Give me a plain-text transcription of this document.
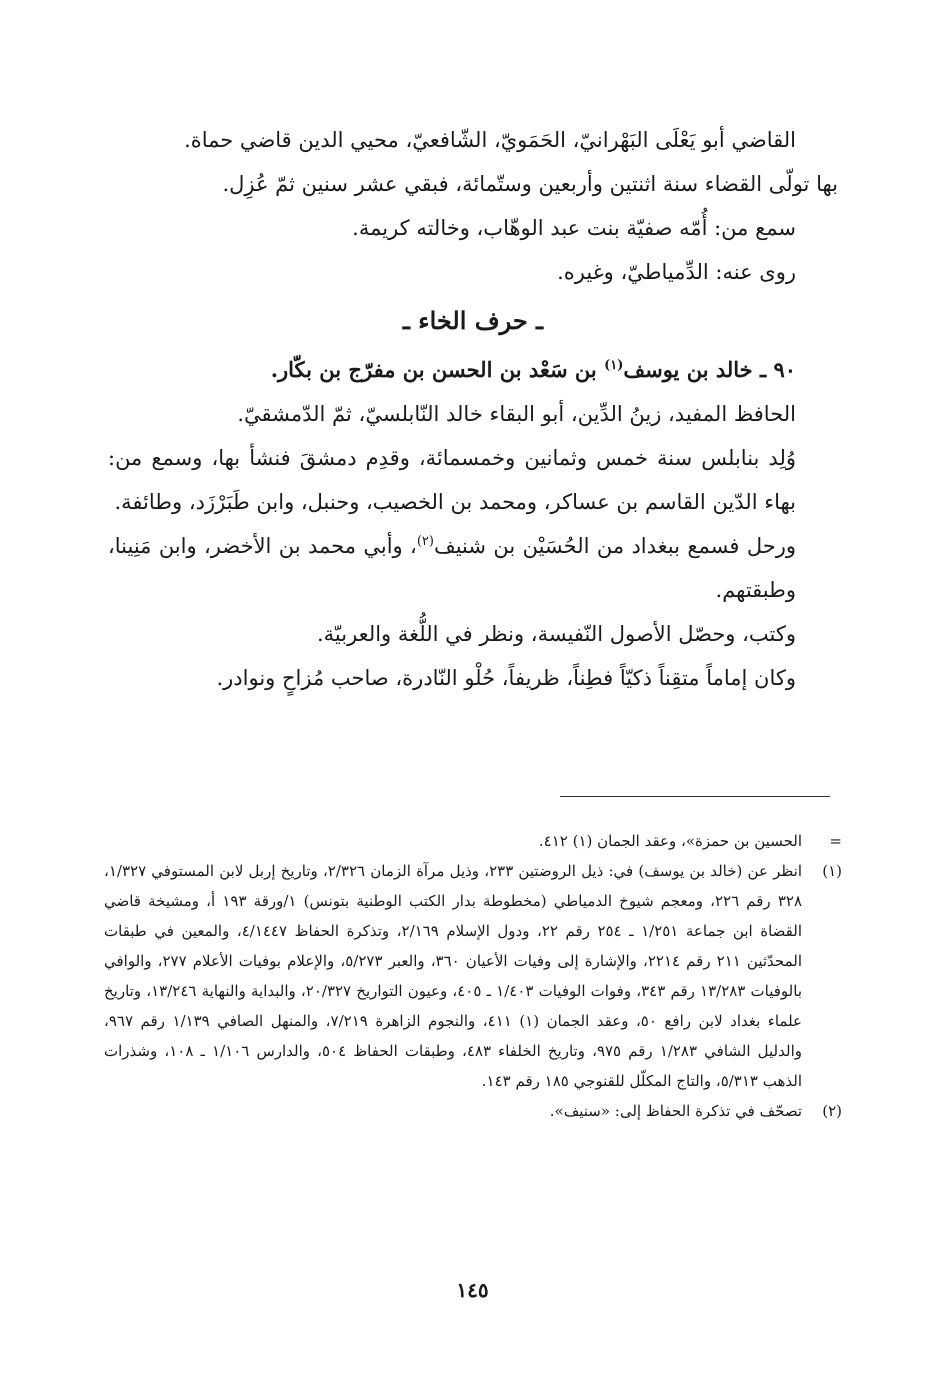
القاضي أبو يَعْلَى البَهْرانيّ، الحَمَويّ، الشّافعيّ، محيي الدين قاضي حماة.

بها تولّى القضاء سنة اثنتين وأربعين وستّمائة، فبقي عشر سنين ثمّ عُزِل.

سمع من: أُمّه صفيّة بنت عبد الوهّاب، وخالته كريمة.

روى عنه: الدِّمياطيّ، وغيره.

ـ حرف الخاء ـ

٩٠ ـ خالد بن يوسف$^{(١)}$ بن سَعْد بن الحسن بن مفرّج بن بكّار.

الحافظ المفيد، زينُ الدِّين، أبو البقاء خالد النّابلسيّ، ثمّ الدّمشقيّ.

وُلِد بنابلس سنة خمس وثمانين وخمسمائة، وقدِم دمشقَ فنشأ بها، وسمع من: بهاء الدّين القاسم بن عساكر، ومحمد بن الخصيب، وحنبل، وابن طَبَرْزَد، وطائفة.

ورحل فسمع ببغداد من الحُسَيْن بن شنيف$^{(٢)}$، وأبي محمد بن الأخضر، وابن مَنِينا، وطبقتهم.

وكتب، وحصّل الأصول النّفيسة، ونظر في اللُّغة والعربيّة.

وكان إماماً متقِناً ذكيّاً فطِناً، ظريفاً، حُلْو النّادرة، صاحب مُزاحٍ ونوادر.

=
الحسين بن حمزة»، وعقد الجمان (١) ٤١٢.
(١)
انظر عن (خالد بن يوسف) في: ذيل الروضتين ٢٣٣، وذيل مرآة الزمان ٢/٣٢٦، وتاريخ إربل لابن المستوفي ١/٣٢٧، ٣٢٨ رقم ٢٢٦، ومعجم شيوخ الدمياطي (مخطوطة بدار الكتب الوطنية بتونس) ١/ورقة ١٩٣ أ، ومشيخة قاضي القضاة ابن جماعة ١/٢٥١ ـ ٢٥٤ رقم ٢٢، ودول الإسلام ٢/١٦٩، وتذكرة الحفاظ ٤/١٤٤٧، والمعين في طبقات المحدّثين ٢١١ رقم ٢٢١٤، والإشارة إلى وفيات الأعيان ٣٦٠، والعبر ٥/٢٧٣، والإعلام بوفيات الأعلام ٢٧٧، والوافي بالوفيات ١٣/٢٨٣ رقم ٣٤٣، وفوات الوفيات ١/٤٠٣ ـ ٤٠٥، وعيون التواريخ ٢٠/٣٢٧، والبداية والنهاية ١٣/٢٤٦، وتاريخ علماء بغداد لابن رافع ٥٠، وعقد الجمان (١) ٤١١، والنجوم الزاهرة ٧/٢١٩، والمنهل الصافي ١/١٣٩ رقم ٩٦٧، والدليل الشافي ١/٢٨٣ رقم ٩٧٥، وتاريخ الخلفاء ٤٨٣، وطبقات الحفاظ ٥٠٤، والدارس ١/١٠٦ ـ ١٠٨، وشذرات الذهب ٥/٣١٣، والتاج المكلّل للقنوجي ١٨٥ رقم ١٤٣.
(٢)
تصحّف في تذكرة الحفاظ إلى: «سنيف».
١٤٥
